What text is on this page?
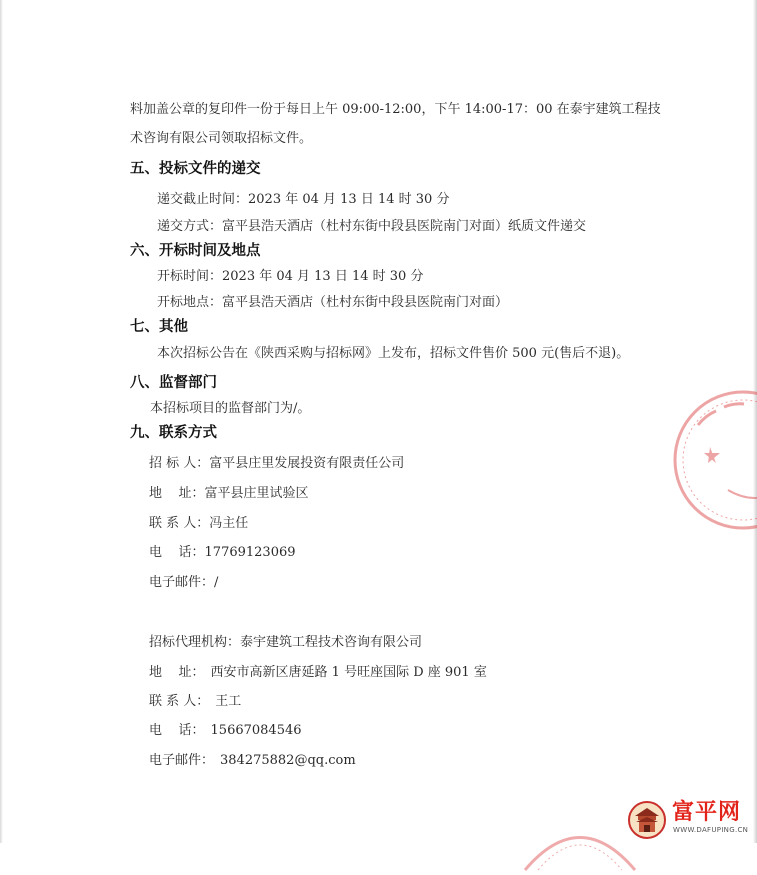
料加盖公章的复印件一份于每日上午 09:00-12:00，下午 14:00-17：00 在泰宇建筑工程技
术咨询有限公司领取招标文件。
五、投标文件的递交
递交截止时间：2023 年 04 月 13 日 14 时 30 分
递交方式：富平县浩天酒店（杜村东街中段县医院南门对面）纸质文件递交
六、开标时间及地点
开标时间：2023 年 04 月 13 日 14 时 30 分
开标地点：富平县浩天酒店（杜村东街中段县医院南门对面）
七、其他
本次招标公告在《陕西采购与招标网》上发布，招标文件售价 500 元(售后不退)。
八、监督部门
本招标项目的监督部门为/。
九、联系方式
招 标 人：富平县庄里发展投资有限责任公司
地    址：富平县庄里试验区
联 系 人：冯主任
电    话：17769123069
电子邮件：/
招标代理机构：泰宇建筑工程技术咨询有限公司
地    址： 西安市高新区唐延路 1 号旺座国际 D 座 901 室
联 系 人： 王工
电    话： 15667084546
电子邮件： 384275882@qq.com
富平网
WWW.DAFUPING.CN
